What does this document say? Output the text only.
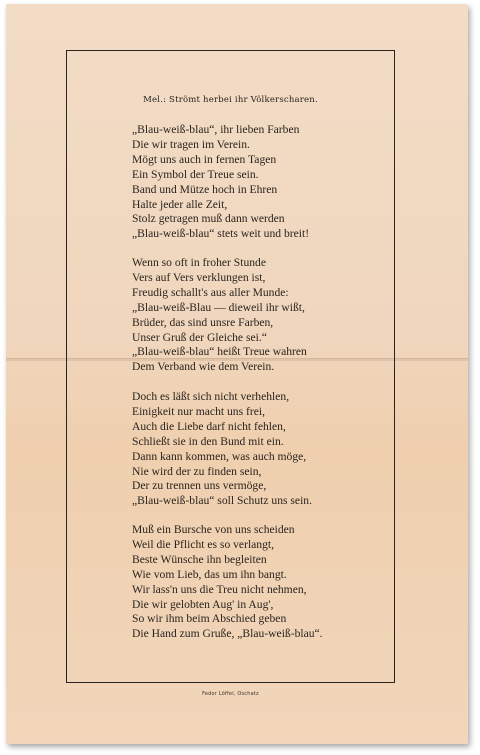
Mel.: Strömt herbei ihr Völkerscharen.
„Blau-weiß-blau“, ihr lieben Farben
Die wir tragen im Verein.
Mögt uns auch in fernen Tagen
Ein Symbol der Treue sein.
Band und Mütze hoch in Ehren
Halte jeder alle Zeit,
Stolz getragen muß dann werden
„Blau-weiß-blau“ stets weit und breit!
Wenn so oft in froher Stunde
Vers auf Vers verklungen ist,
Freudig schallt's aus aller Munde:
„Blau-weiß-Blau — dieweil ihr wißt,
Brüder, das sind unsre Farben,
Unser Gruß der Gleiche sei.“
„Blau-weiß-blau“ heißt Treue wahren
Dem Verband wie dem Verein.
Doch es läßt sich nicht verhehlen,
Einigkeit nur macht uns frei,
Auch die Liebe darf nicht fehlen,
Schließt sie in den Bund mit ein.
Dann kann kommen, was auch möge,
Nie wird der zu finden sein,
Der zu trennen uns vermöge,
„Blau-weiß-blau“ soll Schutz uns sein.
Muß ein Bursche von uns scheiden
Weil die Pflicht es so verlangt,
Beste Wünsche ihn begleiten
Wie vom Lieb, das um ihn bangt.
Wir lass'n uns die Treu nicht nehmen,
Die wir gelobten Aug' in Aug',
So wir ihm beim Abschied geben
Die Hand zum Gruße, „Blau-weiß-blau“.
Fedor Löffel, Oschatz
